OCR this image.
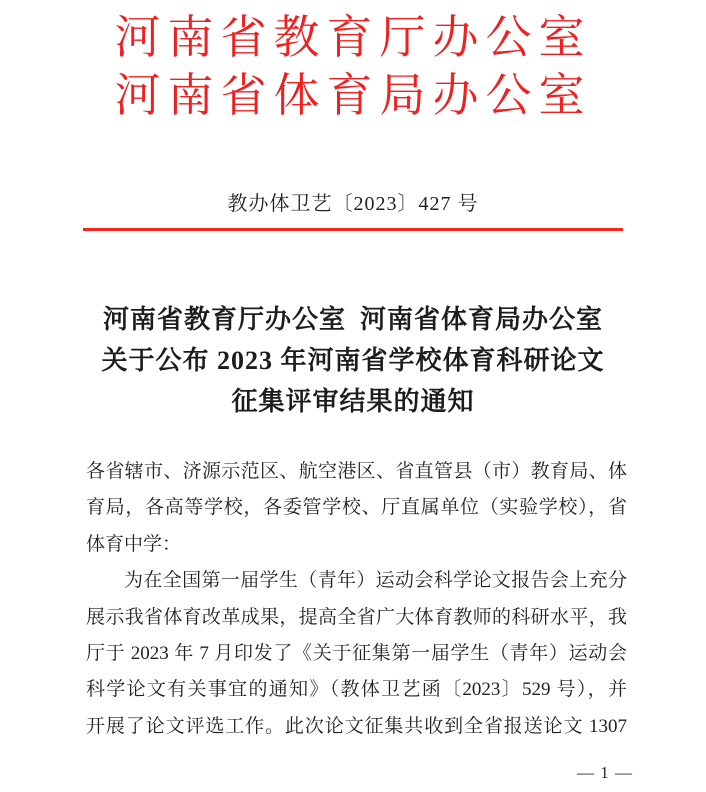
河南省教育厅办公室
河南省体育局办公室
教办体卫艺〔2023〕427 号
河南省教育厅办公室 河南省体育局办公室
关于公布 2023 年河南省学校体育科研论文
征集评审结果的通知
各省辖市、济源示范区、航空港区、省直管县（市）教育局、体
育局，各高等学校，各委管学校、厅直属单位（实验学校），省
体育中学：
为在全国第一届学生（青年）运动会科学论文报告会上充分
展示我省体育改革成果，提高全省广大体育教师的科研水平，我
厅于 2023 年 7 月印发了《关于征集第一届学生（青年）运动会
科学论文有关事宜的通知》（教体卫艺函〔2023〕529 号），并
开展了论文评选工作。此次论文征集共收到全省报送论文 1307
— 1 —
